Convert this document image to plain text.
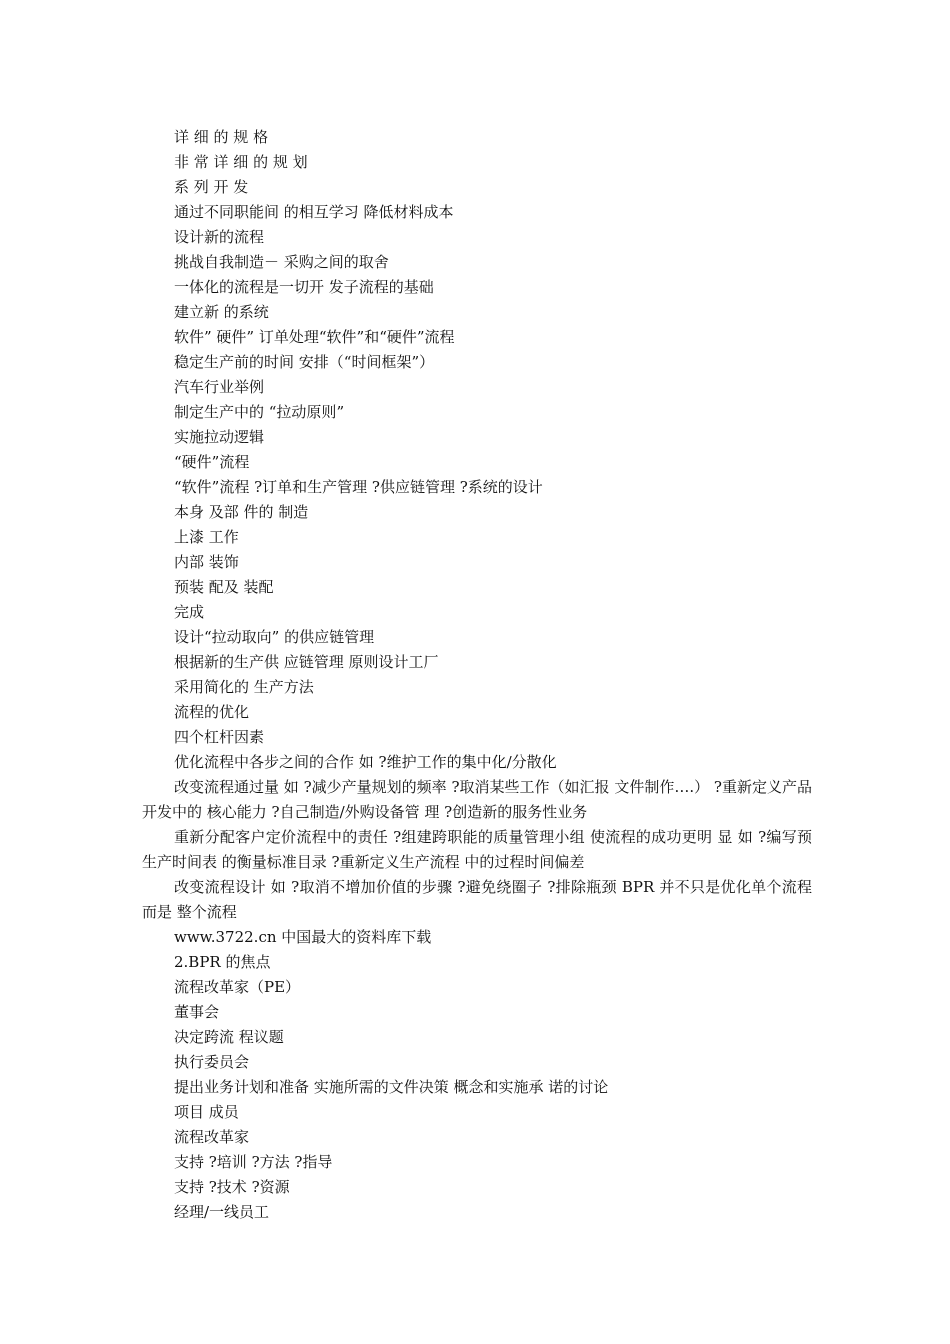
详 细 的 规 格
非 常 详 细 的 规 划
系 列 开 发
通过不同职能间 的相互学习 降低材料成本
设计新的流程
挑战自我制造－ 采购之间的取舍
一体化的流程是一切开 发子流程的基础
建立新 的系统
软件” 硬件” 订单处理“软件”和“硬件”流程
稳定生产前的时间 安排（“时间框架”）
汽车行业举例
制定生产中的 “拉动原则”
实施拉动逻辑
“硬件”流程
“软件”流程 ?订单和生产管理 ?供应链管理 ?系统的设计
本身 及部 件的 制造
上漆 工作
内部 装饰
预装 配及 装配
完成
设计“拉动取向” 的供应链管理
根据新的生产供 应链管理 原则设计工厂
采用简化的 生产方法
流程的优化
四个杠杆因素
优化流程中各步之间的合作 如 ?维护工作的集中化/分散化
改变流程通过量 如 ?减少产量规划的频率 ?取消某些工作（如汇报 文件制作….） ?重新定义产品开发中的 核心能力 ?自己制造/外购设备管 理 ?创造新的服务性业务
重新分配客户定价流程中的责任 ?组建跨职能的质量管理小组 使流程的成功更明 显 如 ?编写预生产时间表 的衡量标准目录 ?重新定义生产流程 中的过程时间偏差
改变流程设计 如 ?取消不增加价值的步骤 ?避免绕圈子 ?排除瓶颈 BPR 并不只是优化单个流程而是 整个流程
www.3722.cn 中国最大的资料库下载
2.BPR 的焦点
流程改革家（PE）
董事会
决定跨流 程议题
执行委员会
提出业务计划和准备 实施所需的文件决策 概念和实施承 诺的讨论
项目 成员
流程改革家
支持 ?培训 ?方法 ?指导
支持 ?技术 ?资源
经理/一线员工
